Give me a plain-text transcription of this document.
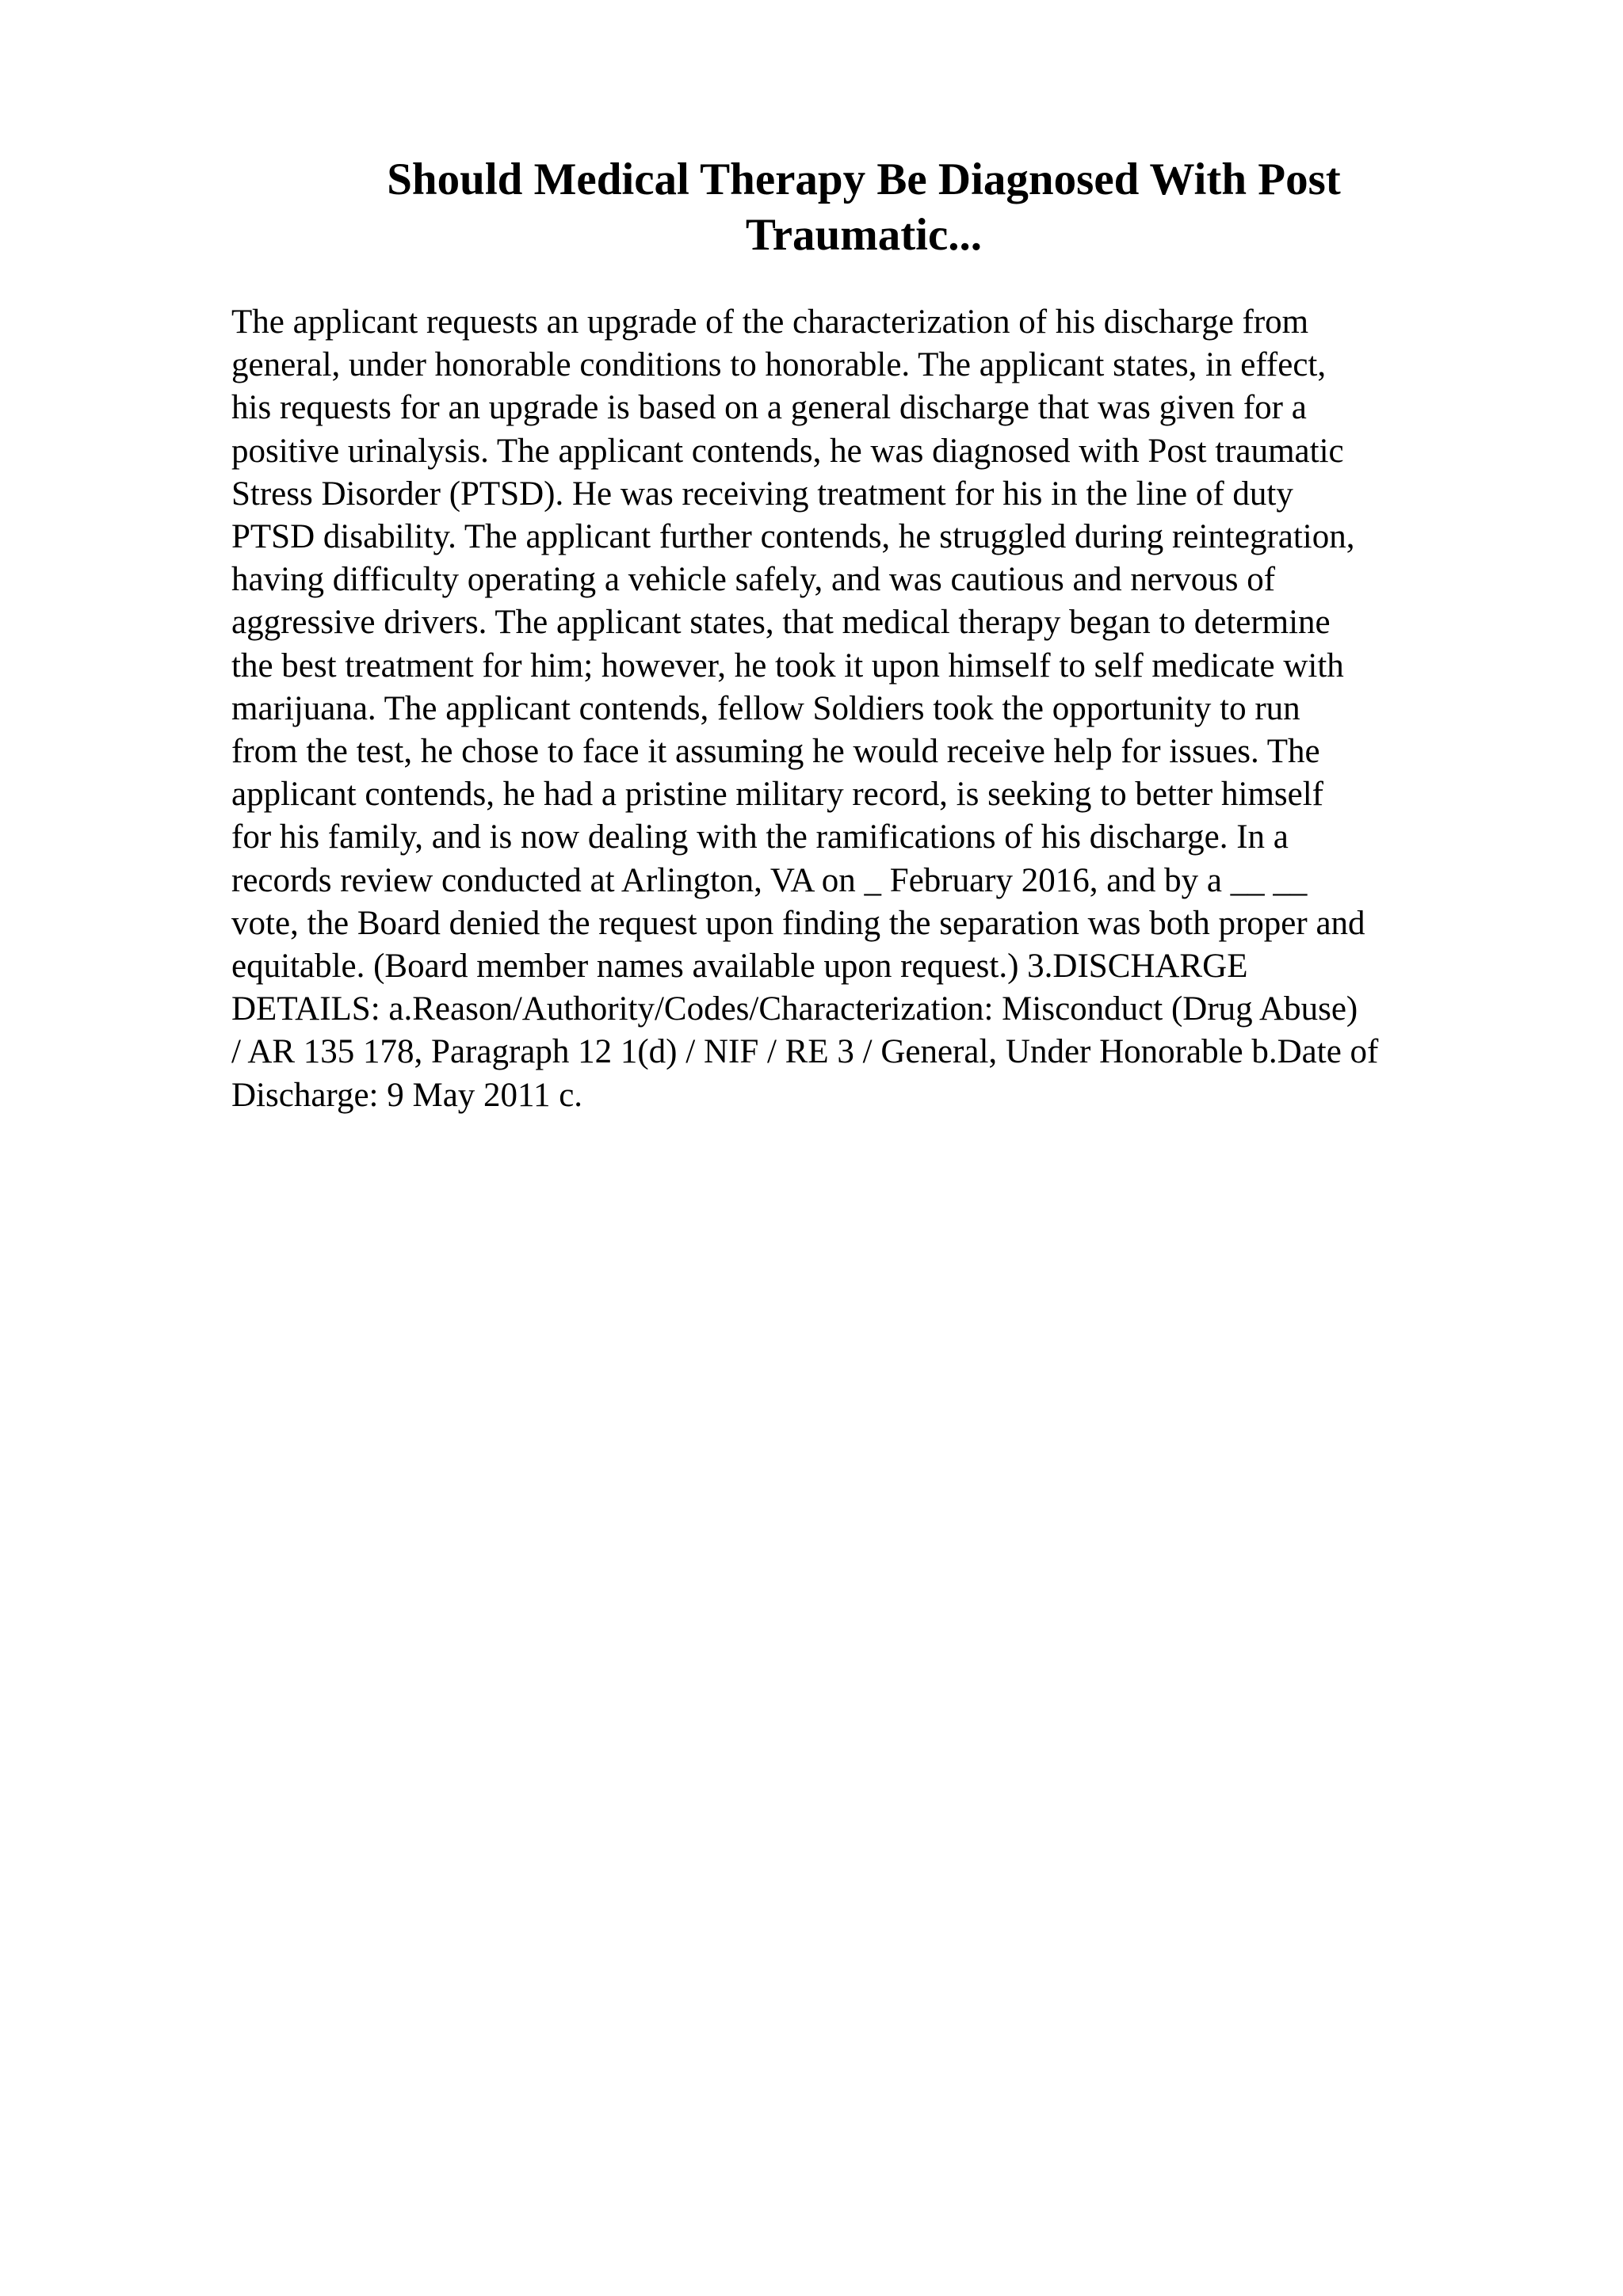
Should Medical Therapy Be Diagnosed With Post
Traumatic...
The applicant requests an upgrade of the characterization of his discharge from
general, under honorable conditions to honorable. The applicant states, in effect,
his requests for an upgrade is based on a general discharge that was given for a
positive urinalysis. The applicant contends, he was diagnosed with Post traumatic
Stress Disorder (PTSD). He was receiving treatment for his in the line of duty
PTSD disability. The applicant further contends, he struggled during reintegration,
having difficulty operating a vehicle safely, and was cautious and nervous of
aggressive drivers. The applicant states, that medical therapy began to determine
the best treatment for him; however, he took it upon himself to self medicate with
marijuana. The applicant contends, fellow Soldiers took the opportunity to run
from the test, he chose to face it assuming he would receive help for issues. The
applicant contends, he had a pristine military record, is seeking to better himself
for his family, and is now dealing with the ramifications of his discharge. In a
records review conducted at Arlington, VA on _ February 2016, and by a __ __
vote, the Board denied the request upon finding the separation was both proper and
equitable. (Board member names available upon request.) 3.DISCHARGE
DETAILS: a.Reason/Authority/Codes/Characterization: Misconduct (Drug Abuse)
/ AR 135 178, Paragraph 12 1(d) / NIF / RE 3 / General, Under Honorable b.Date of
Discharge: 9 May 2011 c.
